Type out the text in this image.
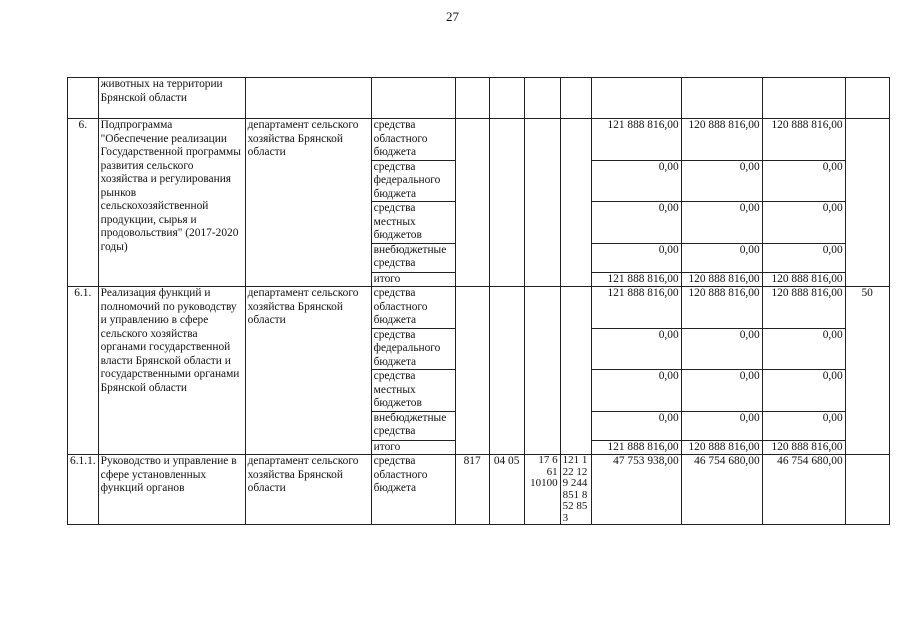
27
	животных на территории Брянской области										
6.	Подпрограмма "Обеспечение реализации Государственной программы развития сельского хозяйства и регулирования рынков сельскохозяйственной продукции, сырья и продовольствия" (2017-2020 годы)	департамент сельского хозяйства Брянской области	средства областного бюджета					121 888 816,00	120 888 816,00	120 888 816,00	
			средства федерального бюджета					0,00	0,00	0,00	
			средства местных бюджетов					0,00	0,00	0,00	
			внебюджетные средства					0,00	0,00	0,00	
			итого					121 888 816,00	120 888 816,00	120 888 816,00	
6.1.	Реализация функций и полномочий по руководству и управлению в сфере сельского хозяйства органами государственной власти Брянской области и государственными органами Брянской области	департамент сельского хозяйства Брянской области	средства областного бюджета					121 888 816,00	120 888 816,00	120 888 816,00	50
			средства федерального бюджета					0,00	0,00	0,00	
			средства местных бюджетов					0,00	0,00	0,00	
			внебюджетные средства					0,00	0,00	0,00	
			итого					121 888 816,00	120 888 816,00	120 888 816,00	
6.1.1.	Руководство и управление в сфере установленных функций органов	департамент сельского хозяйства Брянской области	средства областного бюджета	817	04 05	17 6 61 10100	121 122 129 244 851 852 853	47 753 938,00	46 754 680,00	46 754 680,00	
